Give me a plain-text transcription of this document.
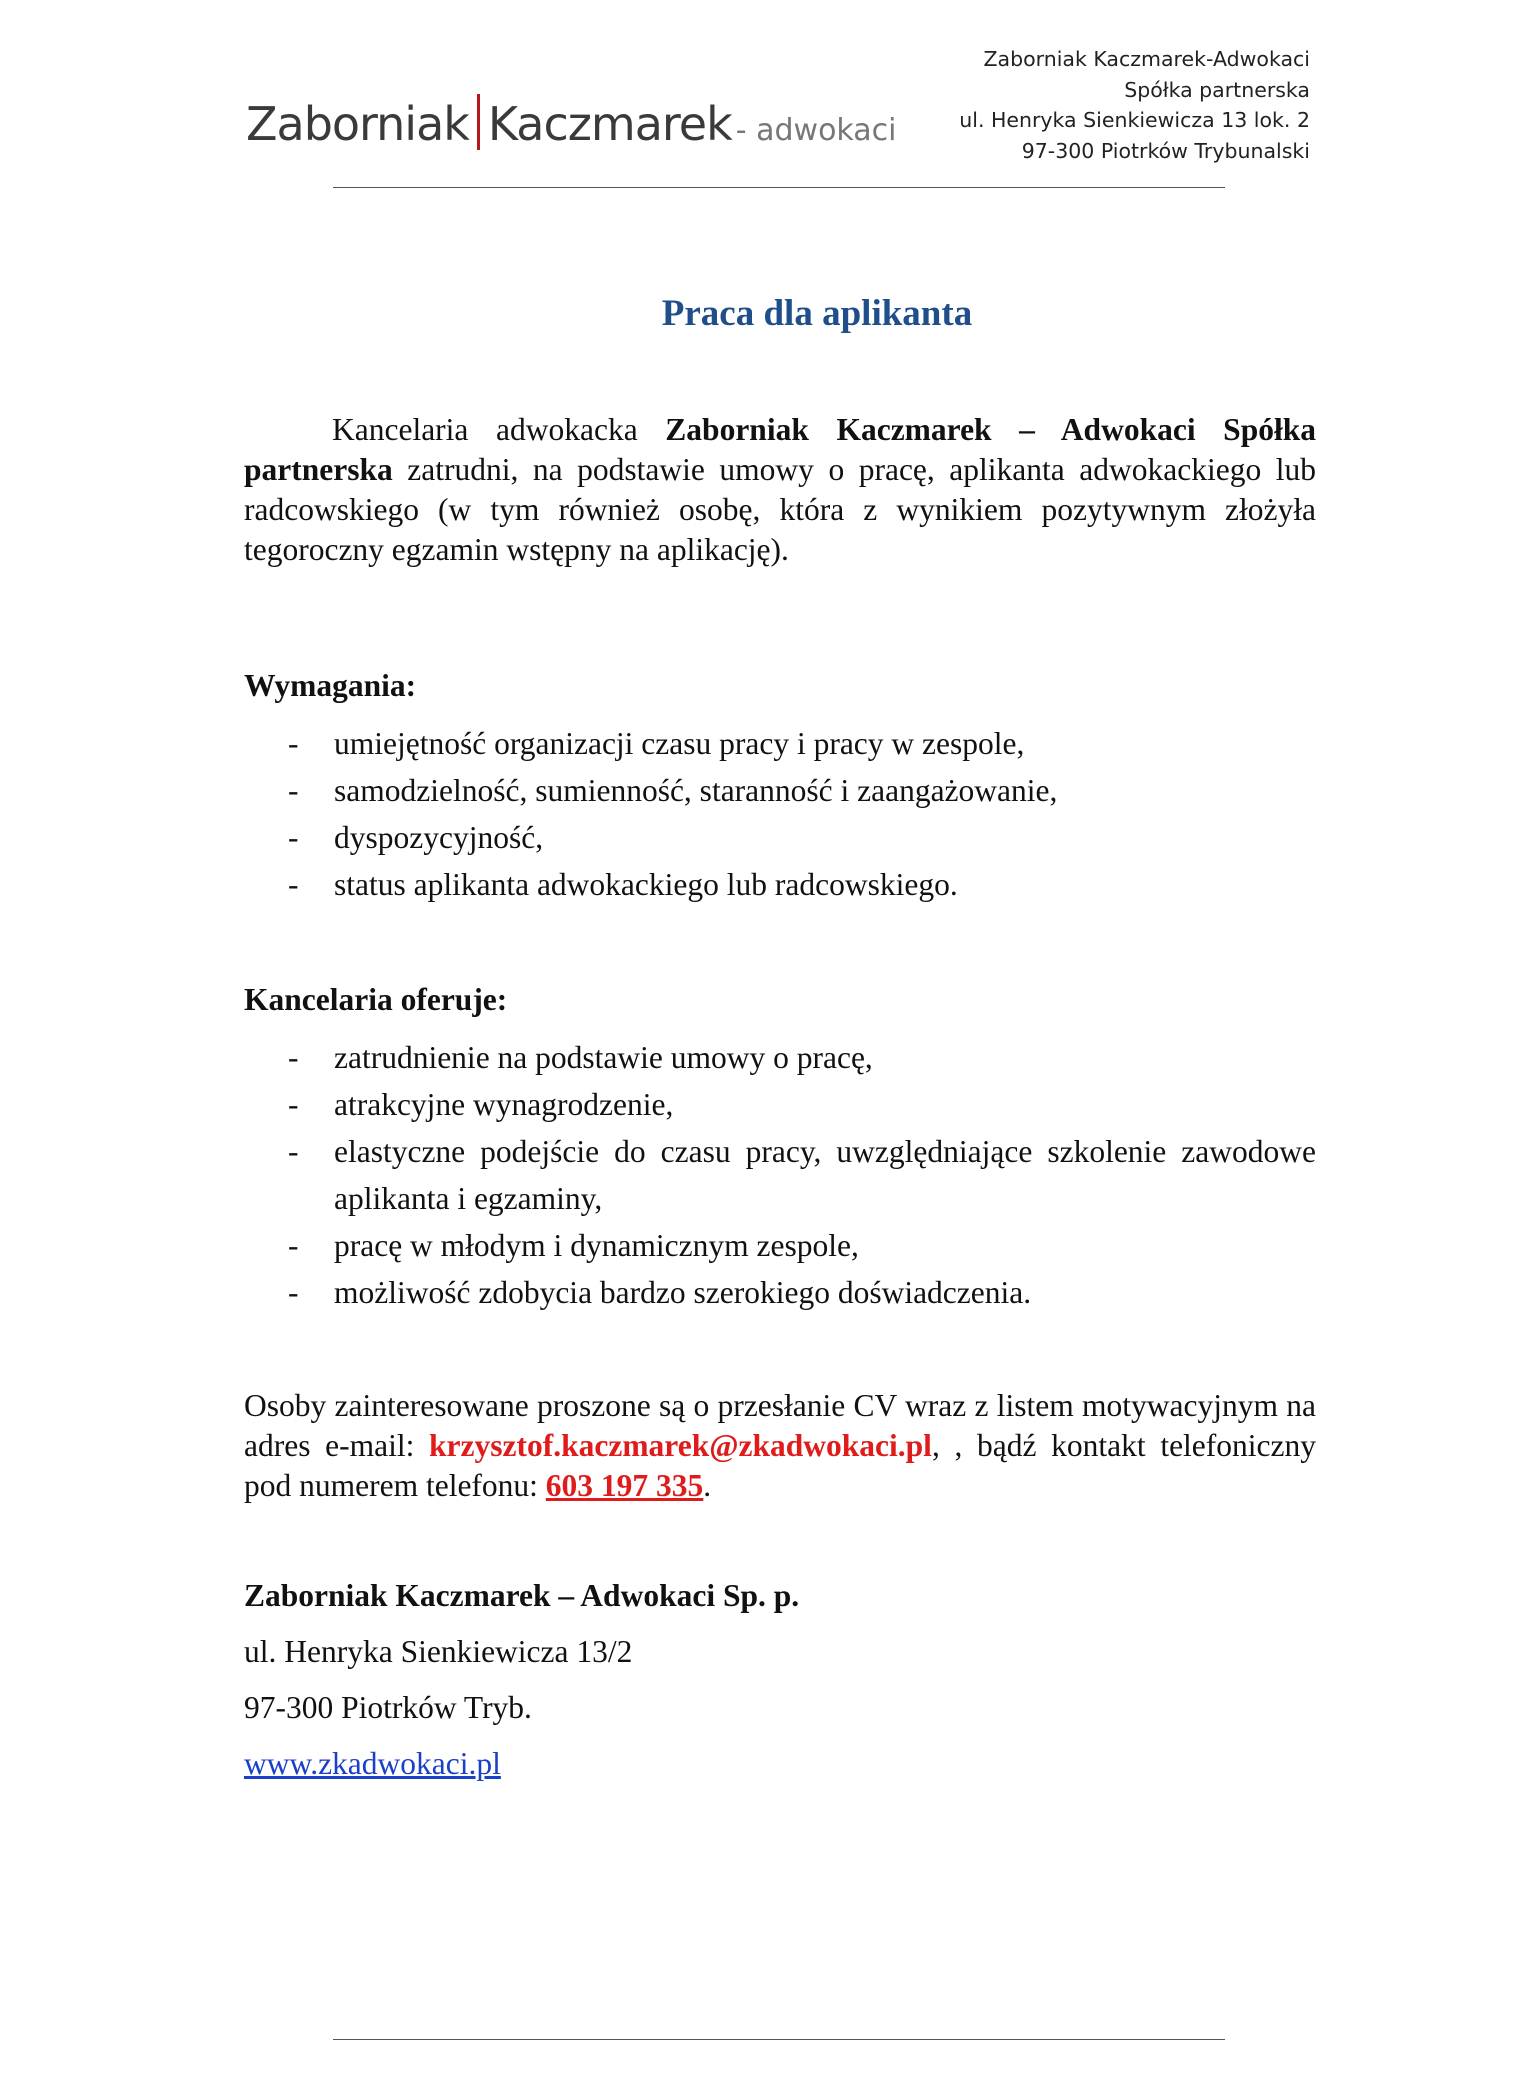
Zaborniak Kaczmarek - adwokaci
Zaborniak Kaczmarek-Adwokaci
Spółka partnerska
ul. Henryka Sienkiewicza 13 lok. 2
97-300 Piotrków Trybunalski
Praca dla aplikanta
Kancelaria adwokacka Zaborniak Kaczmarek – Adwokaci Spółka partnerska zatrudni, na podstawie umowy o pracę, aplikanta adwokackiego lub radcowskiego (w tym również osobę, która z wynikiem pozytywnym złożyła tegoroczny egzamin wstępny na aplikację).
Wymagania:
- umiejętność organizacji czasu pracy i pracy w zespole,
- samodzielność, sumienność, staranność i zaangażowanie,
- dyspozycyjność,
- status aplikanta adwokackiego lub radcowskiego.
Kancelaria oferuje:
- zatrudnienie na podstawie umowy o pracę,
- atrakcyjne wynagrodzenie,
- elastyczne podejście do czasu pracy, uwzględniające szkolenie zawodowe aplikanta i egzaminy,
- pracę w młodym i dynamicznym zespole,
- możliwość zdobycia bardzo szerokiego doświadczenia.
Osoby zainteresowane proszone są o przesłanie CV wraz z listem motywacyjnym na adres e-mail: krzysztof.kaczmarek@zkadwokaci.pl, , bądź kontakt telefoniczny pod numerem telefonu: 603 197 335.
Zaborniak Kaczmarek – Adwokaci Sp. p.
ul. Henryka Sienkiewicza 13/2
97-300 Piotrków Tryb.
www.zkadwokaci.pl
